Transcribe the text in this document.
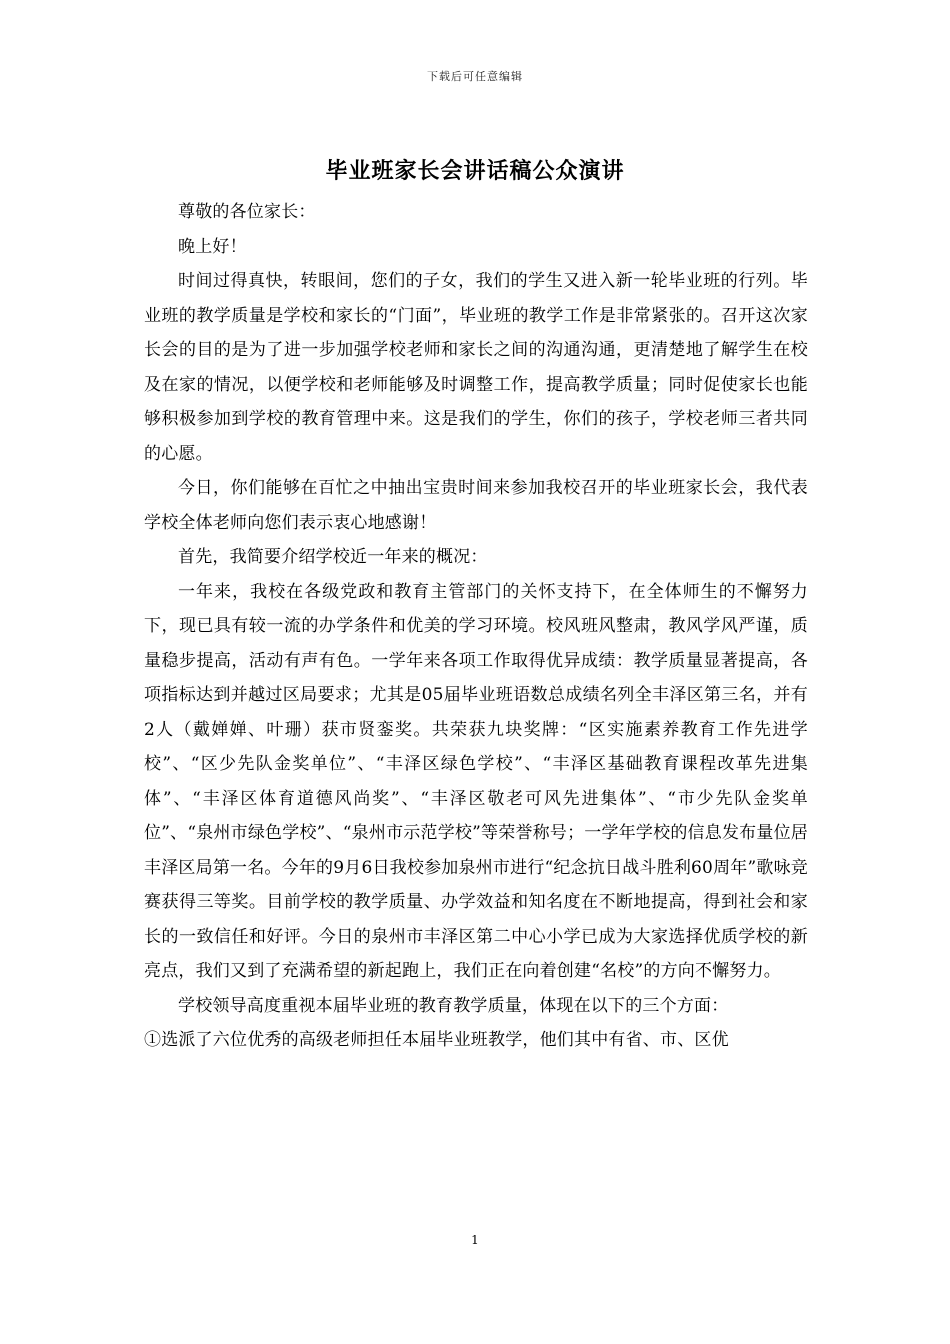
下载后可任意编辑
毕业班家长会讲话稿公众演讲

尊敬的各位家长：

晚上好！

时间过得真快，转眼间，您们的子女，我们的学生又进入新一轮毕业班的行列。毕业班的教学质量是学校和家长的“门面”，毕业班的教学工作是非常紧张的。召开这次家长会的目的是为了进一步加强学校老师和家长之间的沟通沟通，更清楚地了解学生在校及在家的情况，以便学校和老师能够及时调整工作，提高教学质量；同时促使家长也能够积极参加到学校的教育管理中来。这是我们的学生，你们的孩子，学校老师三者共同的心愿。

今日，你们能够在百忙之中抽出宝贵时间来参加我校召开的毕业班家长会，我代表学校全体老师向您们表示衷心地感谢！

首先，我简要介绍学校近一年来的概况：

一年来，我校在各级党政和教育主管部门的关怀支持下，在全体师生的不懈努力下，现已具有较一流的办学条件和优美的学习环境。校风班风整肃，教风学风严谨，质量稳步提高，活动有声有色。一学年来各项工作取得优异成绩：教学质量显著提高，各项指标达到并越过区局要求；尤其是05届毕业班语数总成绩名列全丰泽区第三名，并有2人（戴婵婵、叶珊）获市贤銮奖。共荣获九块奖牌：“区实施素养教育工作先进学校”、“区少先队金奖单位”、“丰泽区绿色学校”、“丰泽区基础教育课程改革先进集体”、“丰泽区体育道德风尚奖”、“丰泽区敬老可风先进集体”、“市少先队金奖单位”、“泉州市绿色学校”、“泉州市示范学校”等荣誉称号；一学年学校的信息发布量位居丰泽区局第一名。今年的9月6日我校参加泉州市进行“纪念抗日战斗胜利60周年”歌咏竞赛获得三等奖。目前学校的教学质量、办学效益和知名度在不断地提高，得到社会和家长的一致信任和好评。今日的泉州市丰泽区第二中心小学已成为大家选择优质学校的新亮点，我们又到了充满希望的新起跑上，我们正在向着创建“名校”的方向不懈努力。

学校领导高度重视本届毕业班的教育教学质量，体现在以下的三个方面：

①选派了六位优秀的高级老师担任本届毕业班教学，他们其中有省、市、区优

1
